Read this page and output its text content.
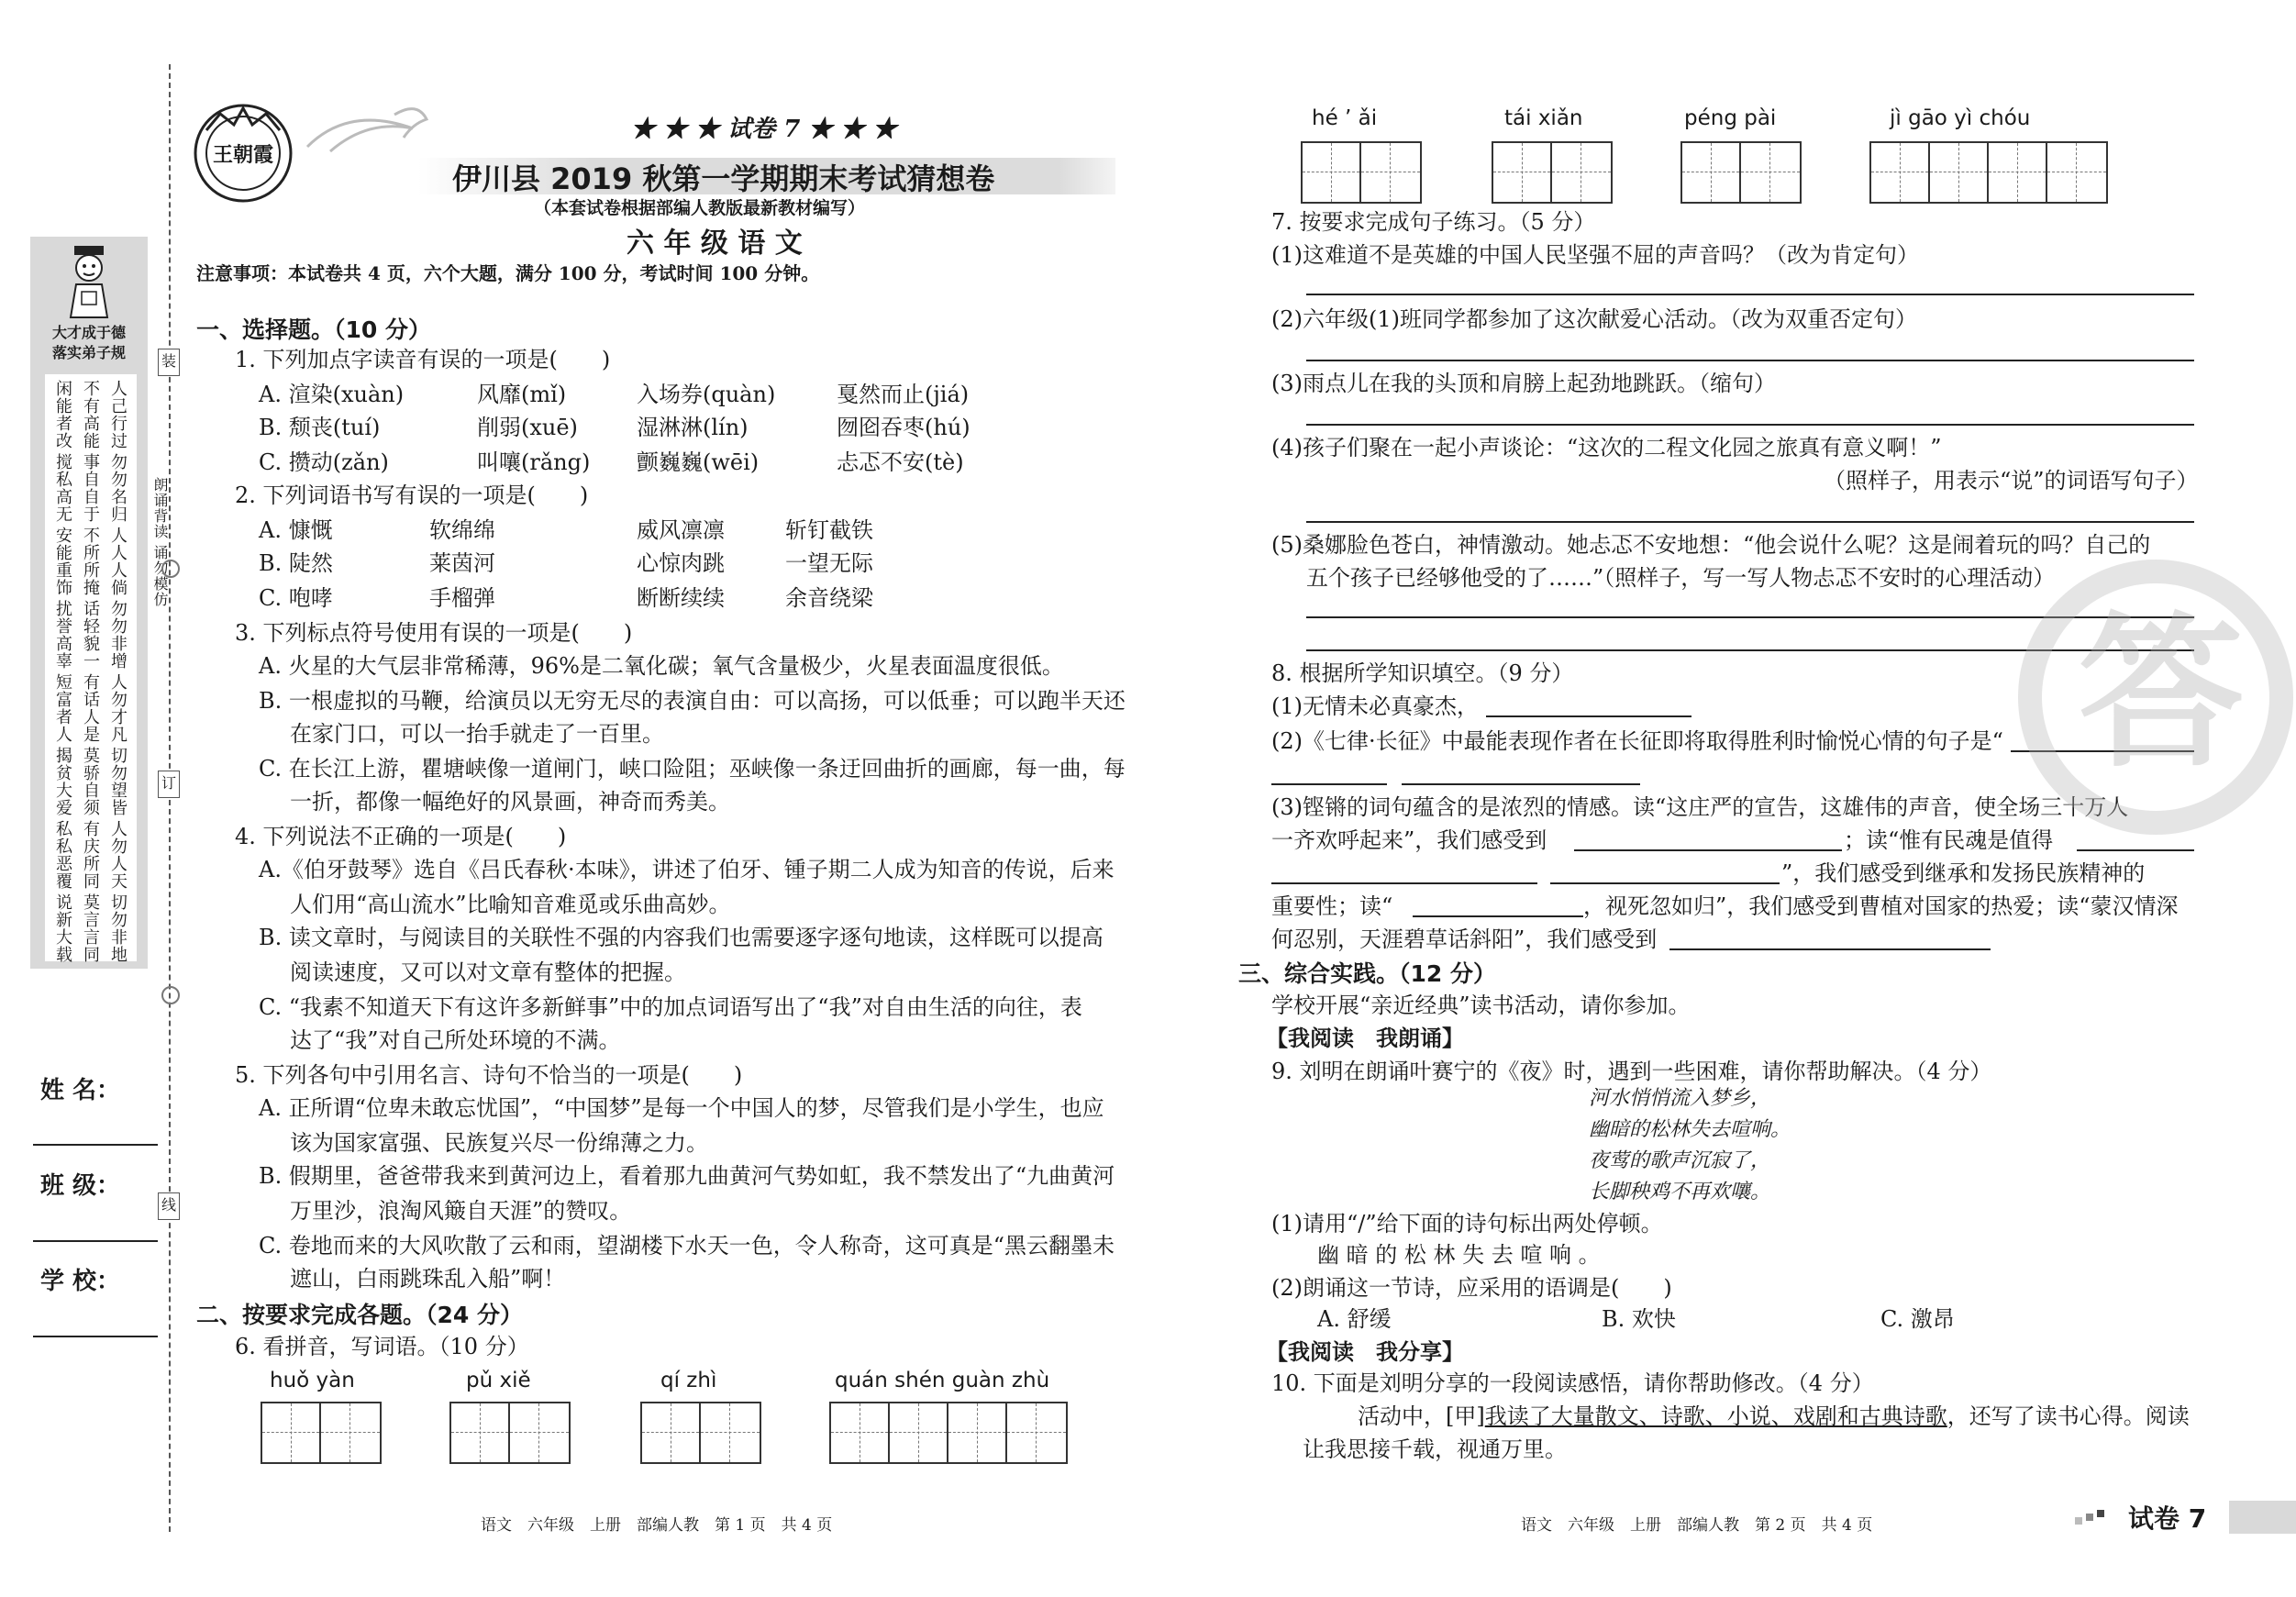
大才成于德
落实弟子规
人己行过
不有高能
闲能者改
勿勿名归
事自自于
搅私高无
人人人倘
不所所掩
安能重饰
勿勿非增
话轻貌一
扰誉高辜
人勿才凡
有话人是
短富者人
切勿望皆
莫骄自须
揭贫大爱
人勿人天
有庆所同
私私恶覆
切勿非地
莫言言同
说新大载
装
订
线
朗诵背读 诵勿模仿
姓 名：
班 级：
学 校：
王朝霞
★ ★ ★ 试卷 7 ★ ★ ★
伊川县 2019 秋第一学期期末考试猜想卷
（本套试卷根据部编人教版最新教材编写）
六 年 级 语 文
注意事项：本试卷共 4 页，六个大题，满分 100 分，考试时间 100 分钟。
一、选择题。（10 分）
1. 下列加点字读音有误的一项是(　　)
A. 渲染(xuàn)	风靡(mǐ)	入场券(quàn)	戛然而止(jiá)
B. 颓丧(tuí)	削弱(xuē)	湿淋淋(lín)	囫囵吞枣(hú)
C. 攒动(zǎn)	叫嚷(rǎng) 颤巍巍(wēi)	忐忑不安(tè)
2. 下列词语书写有误的一项是(　　)
A. 慷慨	软绵绵	威风凛凛	斩钉截铁
B. 陡然	莱茵河	心惊肉跳	一望无际
C. 咆哮	手榴弹	断断续续	余音绕梁
3. 下列标点符号使用有误的一项是(　　)
A. 火星的大气层非常稀薄，96%是二氧化碳；氧气含量极少，火星表面温度很低。
B. 一根虚拟的马鞭，给演员以无穷无尽的表演自由：可以高扬，可以低垂；可以跑半天还
在家门口，可以一抬手就走了一百里。
C. 在长江上游，瞿塘峡像一道闸门，峡口险阻；巫峡像一条迂回曲折的画廊，每一曲，每
一折，都像一幅绝好的风景画，神奇而秀美。
4. 下列说法不正确的一项是(　　)
A.《伯牙鼓琴》选自《吕氏春秋·本味》，讲述了伯牙、锺子期二人成为知音的传说，后来
人们用“高山流水”比喻知音难觅或乐曲高妙。
B. 读文章时，与阅读目的关联性不强的内容我们也需要逐字逐句地读，这样既可以提高
阅读速度，又可以对文章有整体的把握。
C. “我素不知道天下有这许多新鲜事”中的加点词语写出了“我”对自由生活的向往，表
达了“我”对自己所处环境的不满。
5. 下列各句中引用名言、诗句不恰当的一项是(　　)
A. 正所谓“位卑未敢忘忧国”，“中国梦”是每一个中国人的梦，尽管我们是小学生，也应
该为国家富强、民族复兴尽一份绵薄之力。
B. 假期里，爸爸带我来到黄河边上，看着那九曲黄河气势如虹，我不禁发出了“九曲黄河
万里沙，浪淘风簸自天涯”的赞叹。
C. 卷地而来的大风吹散了云和雨，望湖楼下水天一色，令人称奇，这可真是“黑云翻墨未
遮山，白雨跳珠乱入船”啊！
二、按要求完成各题。（24 分）
6. 看拼音，写词语。（10 分）
huǒ yàn	pǔ xiě	qí zhì	quán shén guàn zhù
语文　六年级　上册　部编人教　第 1 页　共 4 页
hé ’ ǎi	tái xiǎn	péng pài	jì gāo yì chóu
7. 按要求完成句子练习。（5 分）
(1)这难道不是英雄的中国人民坚强不屈的声音吗？（改为肯定句）
(2)六年级(1)班同学都参加了这次献爱心活动。（改为双重否定句）
(3)雨点儿在我的头顶和肩膀上起劲地跳跃。（缩句）
(4)孩子们聚在一起小声谈论：“这次的二程文化园之旅真有意义啊！”
（照样子，用表示“说”的词语写句子）
(5)桑娜脸色苍白，神情激动。她忐忑不安地想：“他会说什么呢？这是闹着玩的吗？自己的
五个孩子已经够他受的了……”（照样子，写一写人物忐忑不安时的心理活动）
8. 根据所学知识填空。（9 分）
(1)无情未必真豪杰，
(2)《七律·长征》中最能表现作者在长征即将取得胜利时愉悦心情的句子是“
(3)铿锵的词句蕴含的是浓烈的情感。读“这庄严的宣告，这雄伟的声音，使全场三十万人
一齐欢呼起来”，我们感受到	；读“惟有民魂是值得
”，我们感受到继承和发扬民族精神的
重要性；读“	，视死忽如归”，我们感受到曹植对国家的热爱；读“蒙汉情深
何忍别，天涯碧草话斜阳”，我们感受到
三、综合实践。（12 分）
学校开展“亲近经典”读书活动，请你参加。
【我阅读　我朗诵】
9. 刘明在朗诵叶赛宁的《夜》时，遇到一些困难，请你帮助解决。（4 分）
河水悄悄流入梦乡，
幽暗的松林失去喧响。
夜莺的歌声沉寂了，
长脚秧鸡不再欢嚷。
(1)请用“/”给下面的诗句标出两处停顿。
幽 暗 的 松 林 失 去 喧 响 。
(2)朗诵这一节诗，应采用的语调是(　　)
A. 舒缓	B. 欢快	C. 激昂
【我阅读　我分享】
10. 下面是刘明分享的一段阅读感悟，请你帮助修改。（4 分）
活动中，[甲]我读了大量散文、诗歌、小说、戏剧和古典诗歌，还写了读书心得。阅读
让我思接千载，视通万里。
语文　六年级　上册　部编人教　第 2 页　共 4 页	试卷 7
答
